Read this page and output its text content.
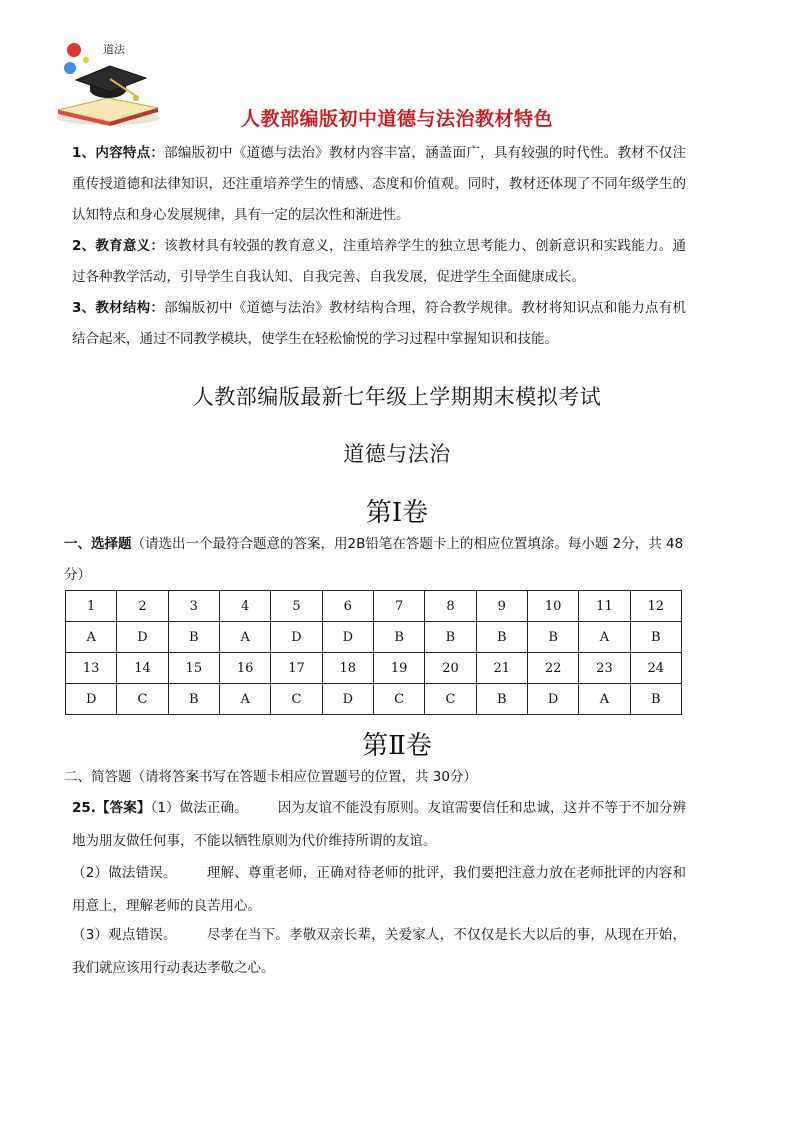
道法
人教部编版初中道德与法治教材特色
1、内容特点：部编版初中《道德与法治》教材内容丰富，涵盖面广，具有较强的时代性。教材不仅注重传授道德和法律知识，还注重培养学生的情感、态度和价值观。同时，教材还体现了不同年级学生的认知特点和身心发展规律，具有一定的层次性和渐进性。
2、教育意义：该教材具有较强的教育意义，注重培养学生的独立思考能力、创新意识和实践能力。通过各种教学活动，引导学生自我认知、自我完善、自我发展，促进学生全面健康成长。
3、教材结构：部编版初中《道德与法治》教材结构合理，符合教学规律。教材将知识点和能力点有机结合起来，通过不同教学模块，使学生在轻松愉悦的学习过程中掌握知识和技能。
人教部编版最新七年级上学期期末模拟考试
道德与法治
第Ⅰ卷
一、选择题（请选出一个最符合题意的答案，用2B铅笔在答题卡上的相应位置填涂。每小题 2分，共 48分）
1	2	3	4	5	6	7	8	9	10	11	12
A	D	B	A	D	D	B	B	B	B	A	B
13	14	15	16	17	18	19	20	21	22	23	24
D	C	B	A	C	D	C	C	B	D	A	B
第Ⅱ卷
二、简答题（请将答案书写在答题卡相应位置题号的位置，共 30分）
25.【答案】（1）做法正确。 因为友谊不能没有原则。友谊需要信任和忠诚，这并不等于不加分辨地为朋友做任何事，不能以牺牲原则为代价维持所谓的友谊。
（2）做法错误。 理解、尊重老师，正确对待老师的批评，我们要把注意力放在老师批评的内容和用意上，理解老师的良苦用心。
（3）观点错误。 尽孝在当下。孝敬双亲长辈，关爱家人，不仅仅是长大以后的事，从现在开始，我们就应该用行动表达孝敬之心。
